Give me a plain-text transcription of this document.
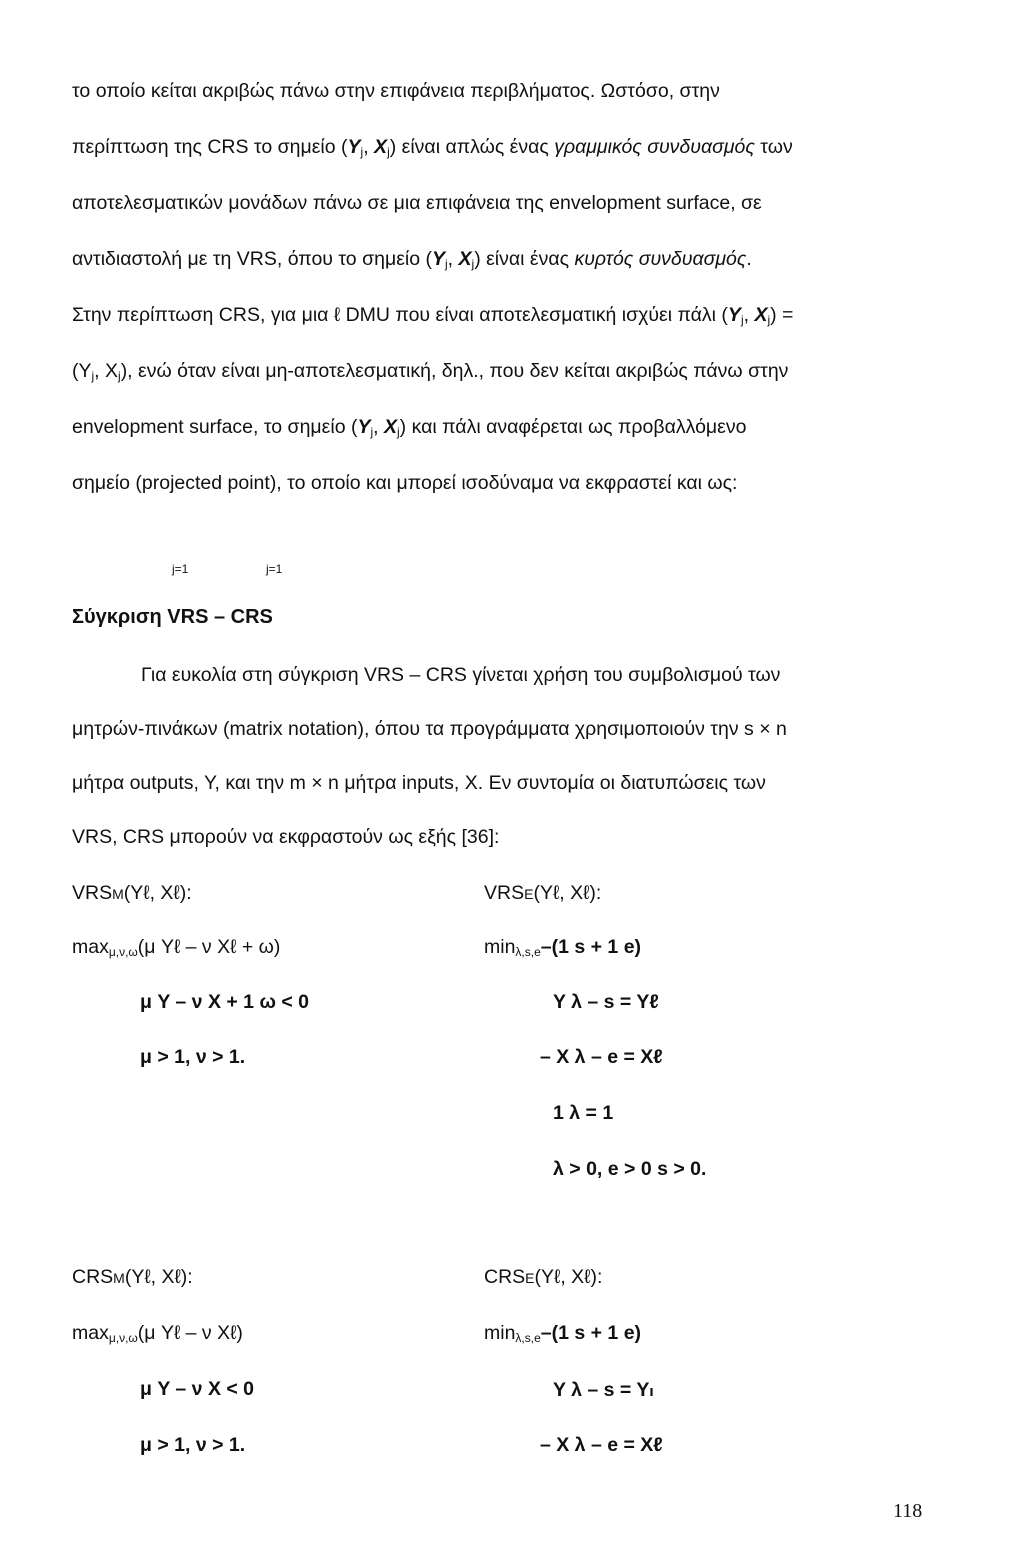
το οποίο κείται ακριβώς πάνω στην επιφάνεια περιβλήματος. Ωστόσο, στην
περίπτωση της CRS το σημείο ($Y_j$, $X_j$) είναι απλώς ένας γραμμικός συνδυασμός των
αποτελεσματικών μονάδων πάνω σε μια επιφάνεια της envelopment surface, σε
αντιδιαστολή με τη VRS, όπου το σημείο ($Y_j$, $X_j$) είναι ένας κυρτός συνδυασμός.
Στην περίπτωση CRS, για μια ℓ DMU που είναι αποτελεσματική ισχύει πάλι ($Y_j$, $X_j$) =
($Y_j$, $X_j$), ενώ όταν είναι μη-αποτελεσματική, δηλ., που δεν κείται ακριβώς πάνω στην
envelopment surface, το σημείο ($Y_j$, $X_j$) και πάλι αναφέρεται ως προβαλλόμενο
σημείο (projected point), το οποίο και μπορεί ισοδύναμα να εκφραστεί και ως:
j=1	j=1
Σύγκριση VRS – CRS
Για ευκολία στη σύγκριση VRS – CRS γίνεται χρήση του συμβολισμού των
μητρών-πινάκων (matrix notation), όπου τα προγράμματα χρησιμοποιούν την s × n
μήτρα outputs, Y, και την m × n μήτρα inputs, X. Εν συντομία οι διατυπώσεις των
VRS, CRS μπορούν να εκφραστούν ως εξής [36]:
VRSM(Yℓ, Xℓ):
$\max_{\mu,\nu,\omega}(\mu$ Yℓ – ν Xℓ + ω)
μ Y – ν X + 1 ω < 0
μ > 1, ν > 1.
VRSE(Yℓ, Xℓ):
$\min_{\lambda,s,e}-(1$ s + 1 e)
Y λ – s = Yℓ
– X λ – e = Xℓ
1 λ = 1
λ > 0, e > 0 s > 0.
CRSM(Yℓ, Xℓ):
$\max_{\mu,\nu,\omega}(\mu$ Yℓ – ν Xℓ)
μ Y – ν X < 0
μ > 1, ν > 1.
CRSE(Yℓ, Xℓ):
$\min_{\lambda,s,e}-(1$ s + 1 e)
Y λ – s = Yₗ
– X λ – e = Xℓ
118
